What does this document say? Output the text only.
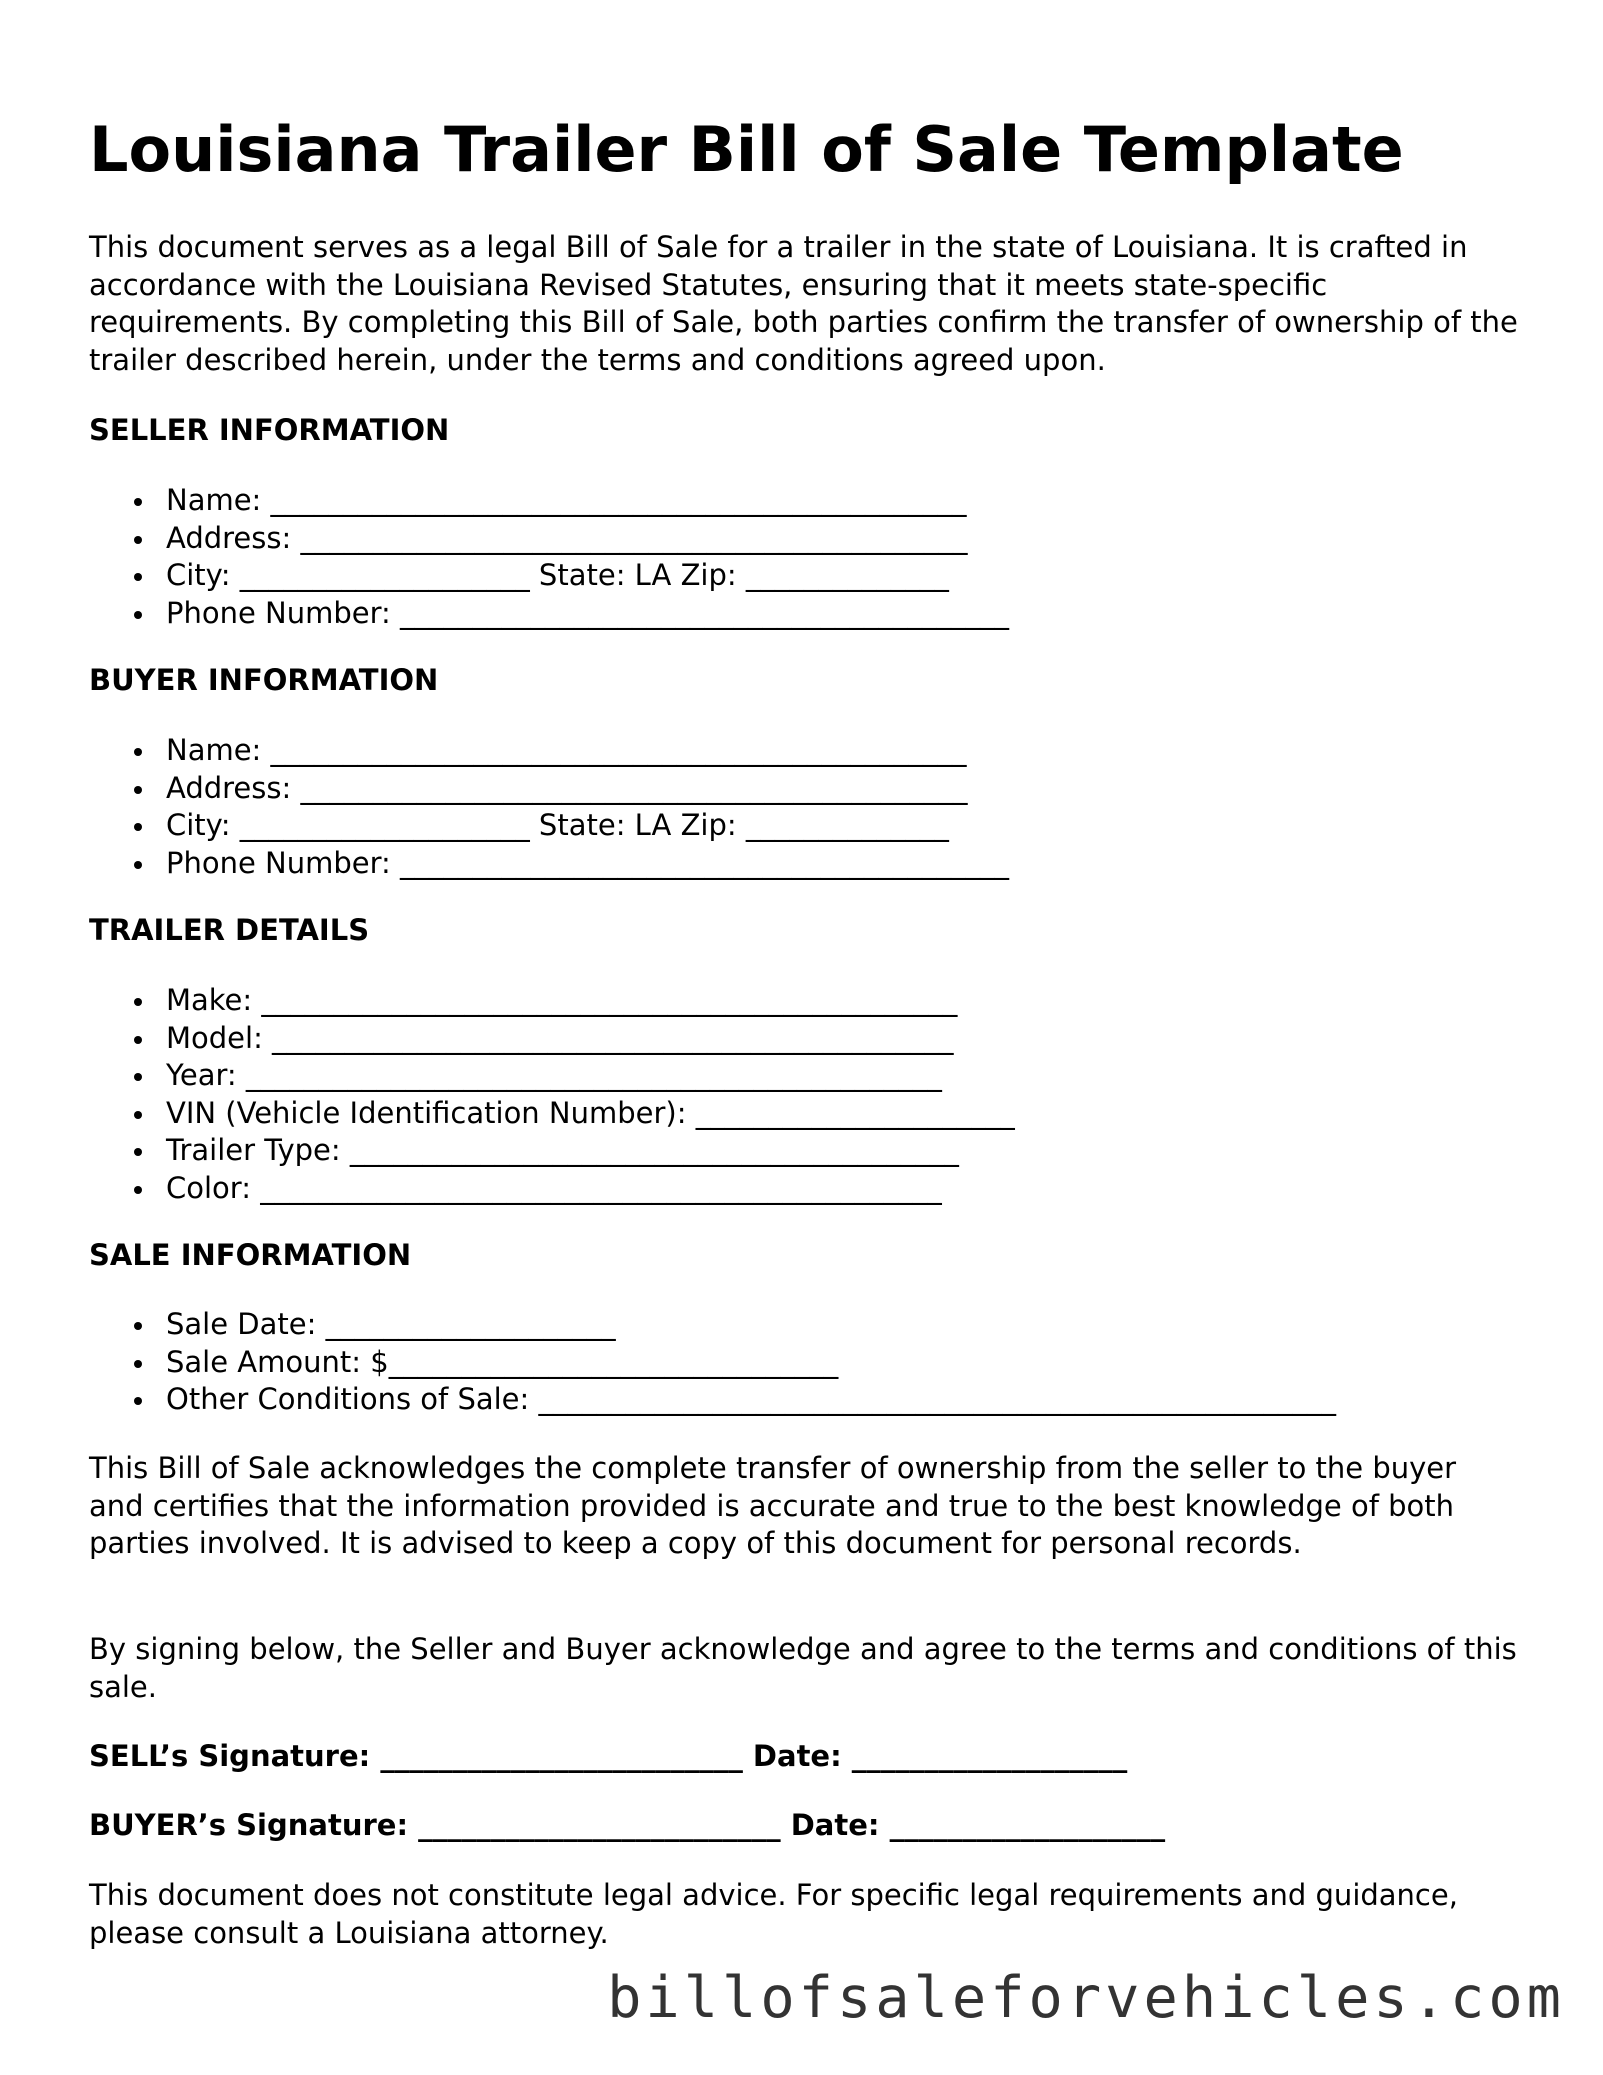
Louisiana Trailer Bill of Sale Template

This document serves as a legal Bill of Sale for a trailer in the state of Louisiana. It is crafted in accordance with the Louisiana Revised Statutes, ensuring that it meets state-specific requirements. By completing this Bill of Sale, both parties confirm the transfer of ownership of the trailer described herein, under the terms and conditions agreed upon.

SELLER INFORMATION

Name: ________________________________________________
Address: ______________________________________________
City: ____________________ State: LA Zip: ______________
Phone Number: __________________________________________

BUYER INFORMATION

Name: ________________________________________________
Address: ______________________________________________
City: ____________________ State: LA Zip: ______________
Phone Number: __________________________________________

TRAILER DETAILS

Make: ________________________________________________
Model: _______________________________________________
Year: ________________________________________________
VIN (Vehicle Identification Number): ______________________
Trailer Type: __________________________________________
Color: _______________________________________________

SALE INFORMATION

Sale Date: ____________________
Sale Amount: $_______________________________
Other Conditions of Sale: _______________________________________________________

This Bill of Sale acknowledges the complete transfer of ownership from the seller to the buyer and certifies that the information provided is accurate and true to the best knowledge of both parties involved. It is advised to keep a copy of this document for personal records.

By signing below, the Seller and Buyer acknowledge and agree to the terms and conditions of this sale.

SELL’s Signature: _________________________ Date: ___________________

BUYER’s Signature: _________________________ Date: ___________________

This document does not constitute legal advice. For specific legal requirements and guidance, please consult a Louisiana attorney.

billofsaleforvehicles.com
